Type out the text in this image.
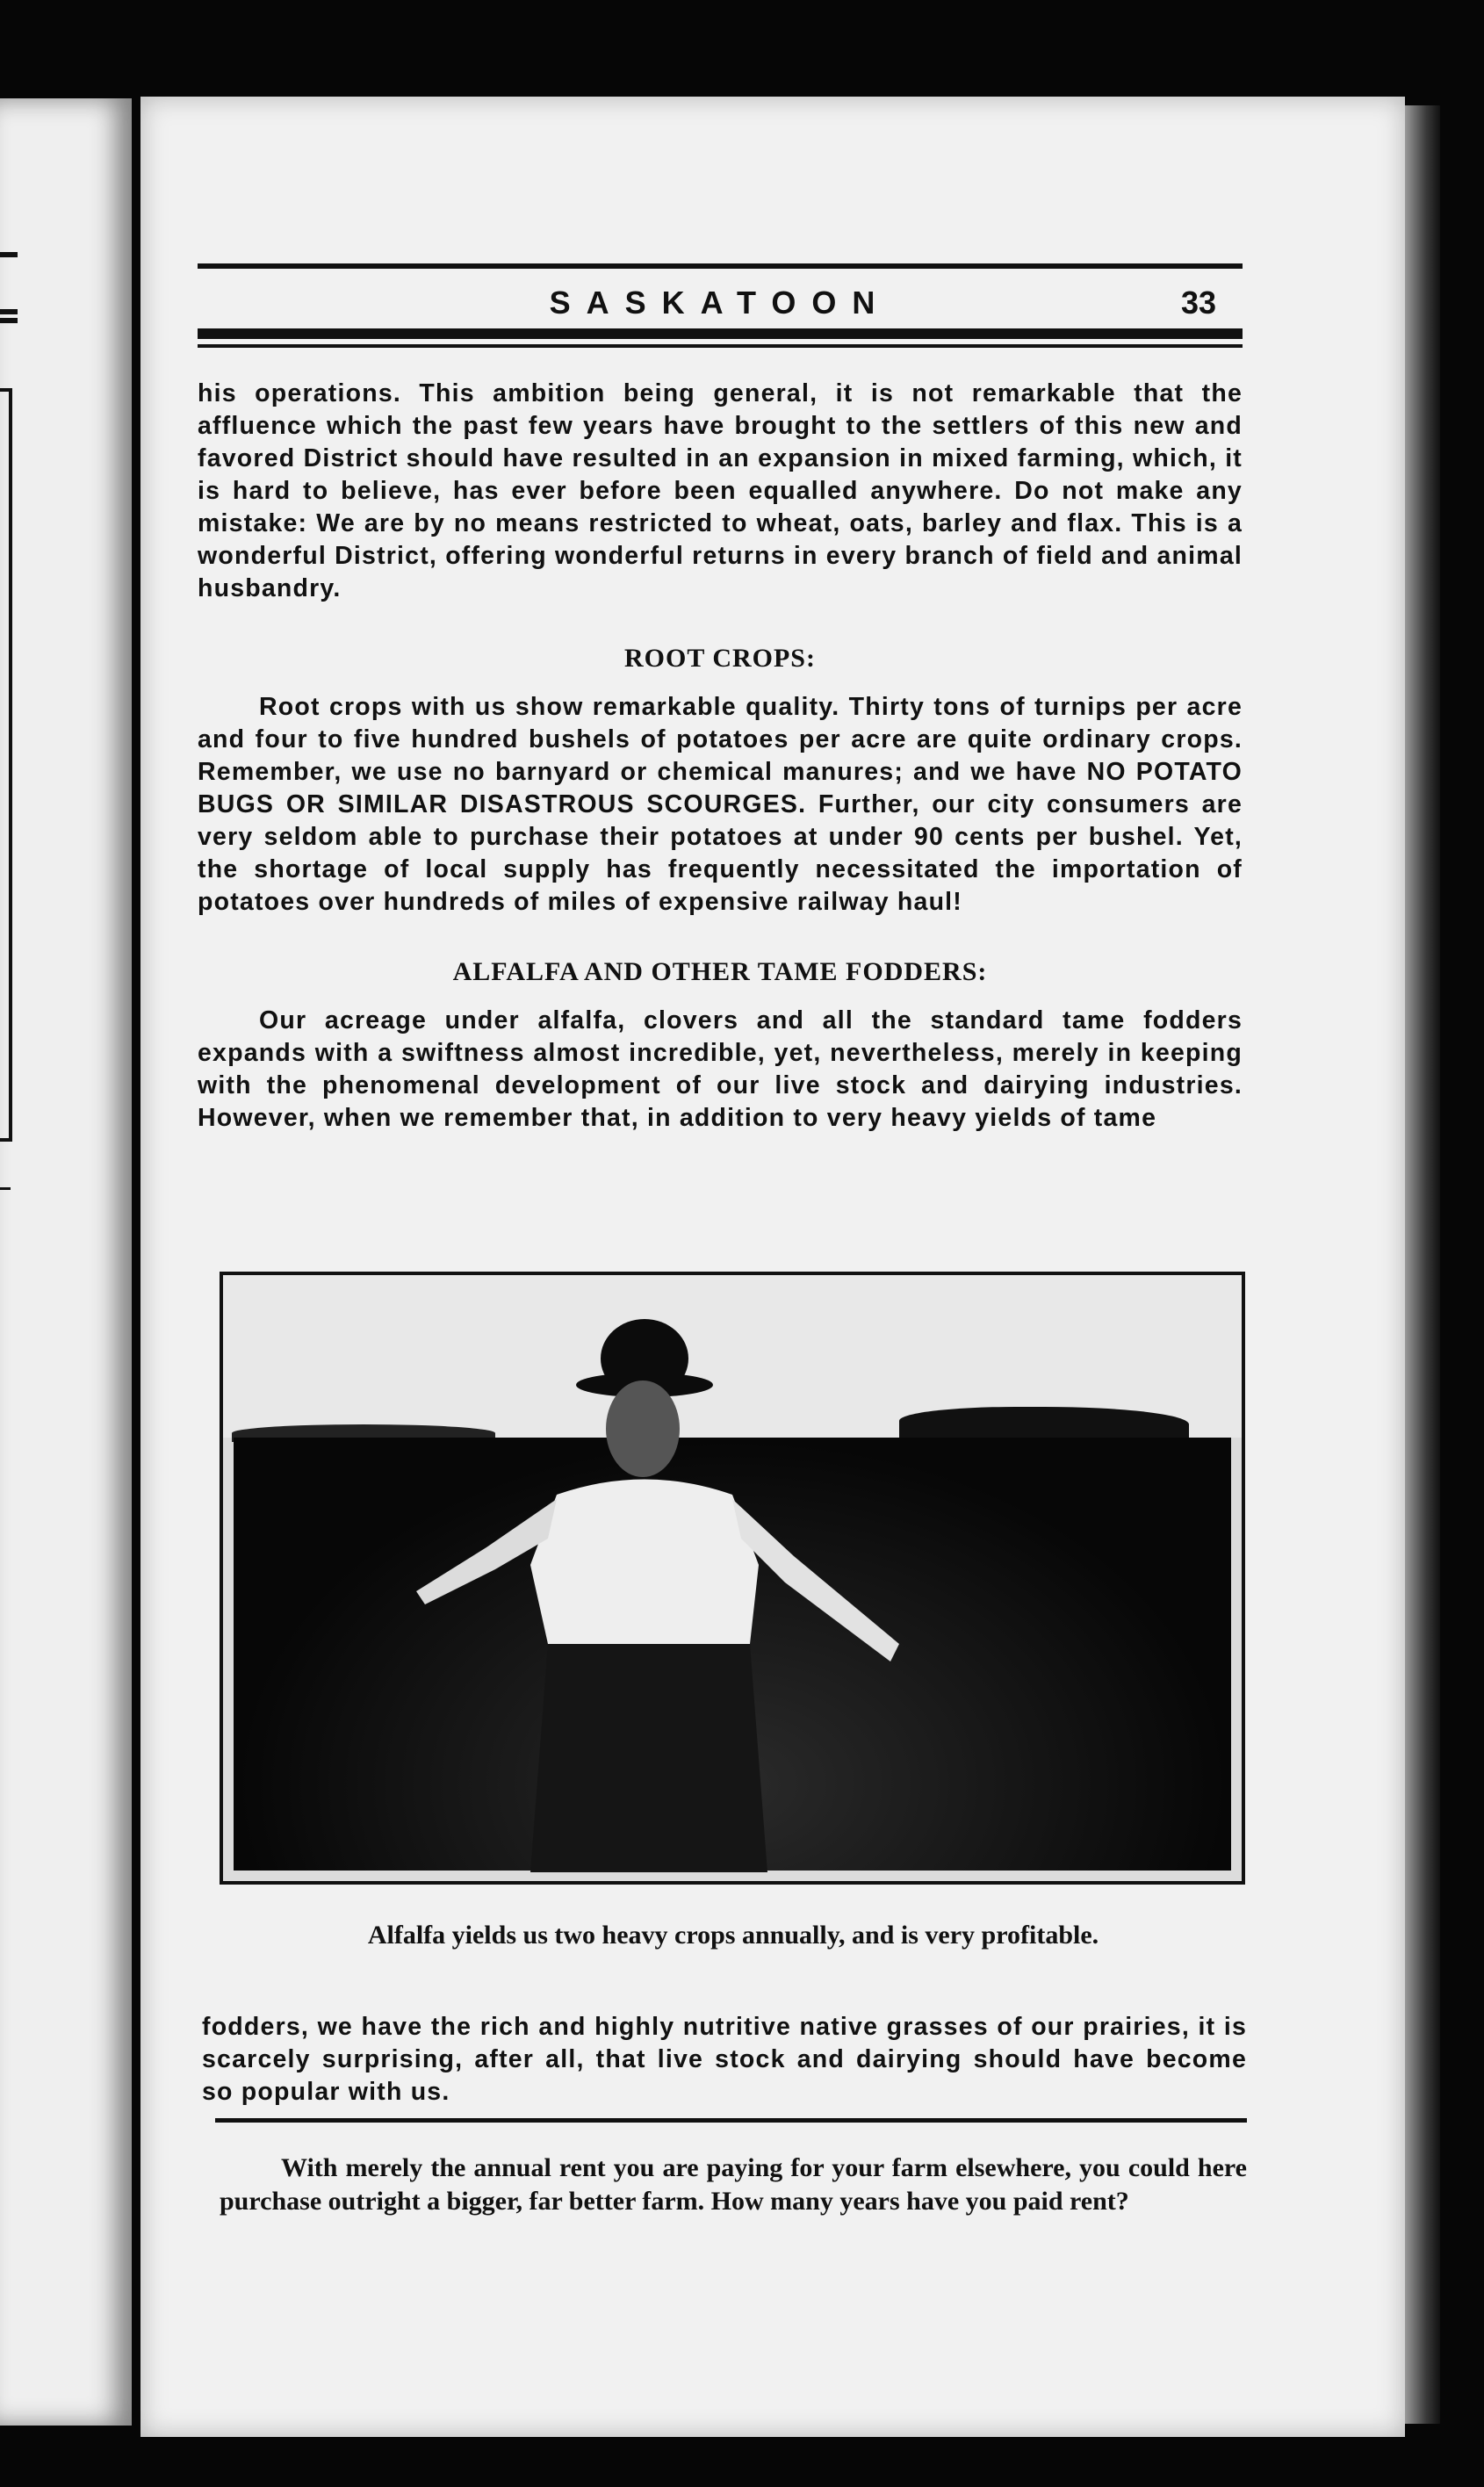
SASKATOON	33

his operations. This ambition being general, it is not remarkable that the affluence which the past few years have brought to the settlers of this new and favored District should have resulted in an expansion in mixed farming, which, it is hard to believe, has ever before been equalled anywhere. Do not make any mistake: We are by no means restricted to wheat, oats, barley and flax. This is a wonderful District, offering wonderful returns in every branch of field and animal husbandry.

ROOT CROPS:

Root crops with us show remarkable quality. Thirty tons of turnips per acre and four to five hundred bushels of potatoes per acre are quite ordinary crops. Remember, we use no barnyard or chemical manures; and we have NO POTATO BUGS OR SIMILAR DISASTROUS SCOURGES. Further, our city consumers are very seldom able to purchase their potatoes at under 90 cents per bushel. Yet, the shortage of local supply has frequently necessitated the importation of potatoes over hundreds of miles of expensive railway haul!

ALFALFA AND OTHER TAME FODDERS:

Our acreage under alfalfa, clovers and all the standard tame fodders expands with a swiftness almost incredible, yet, nevertheless, merely in keeping with the phenomenal development of our live stock and dairying industries. However, when we remember that, in addition to very heavy yields of tame

Alfalfa yields us two heavy crops annually, and is very profitable.
fodders, we have the rich and highly nutritive native grasses of our prairies, it is scarcely surprising, after all, that live stock and dairying should have become so popular with us.
With merely the annual rent you are paying for your farm elsewhere, you could here purchase outright a bigger, far better farm. How many years have you paid rent?
